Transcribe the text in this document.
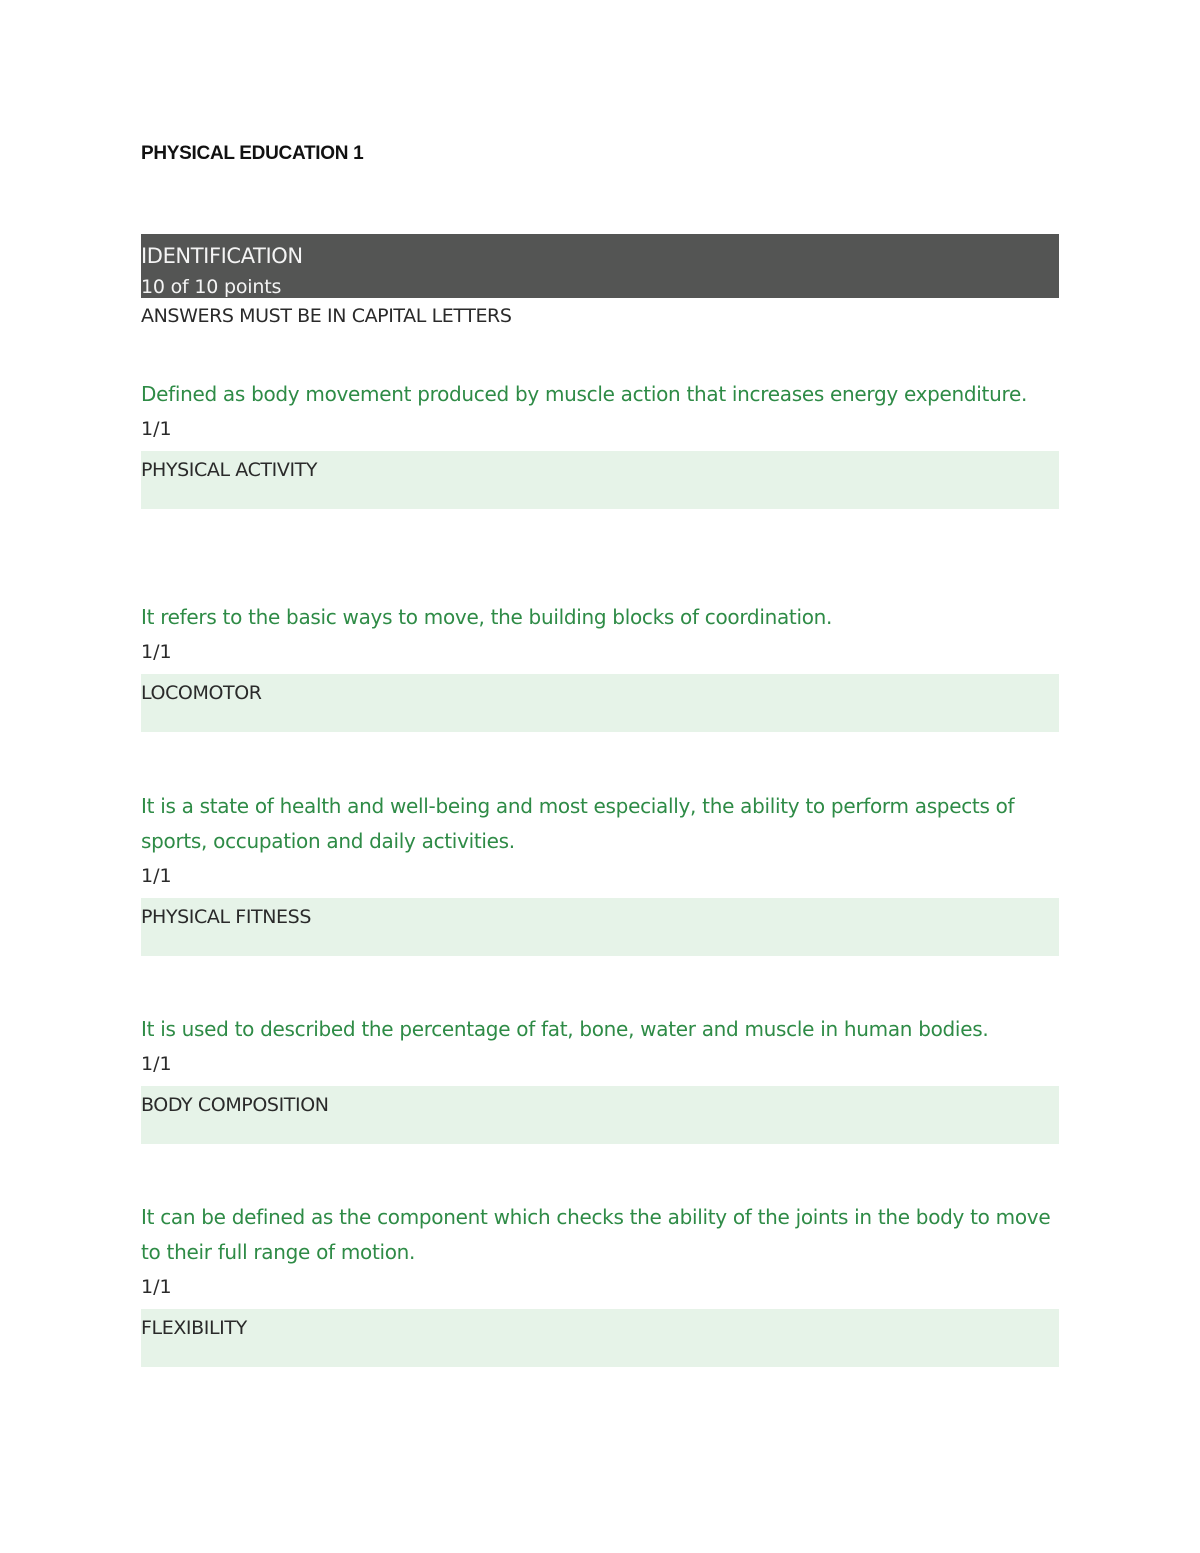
PHYSICAL EDUCATION 1
IDENTIFICATION
10 of 10 points
ANSWERS MUST BE IN CAPITAL LETTERS

Defined as body movement produced by muscle action that increases energy expenditure.

1/1
PHYSICAL ACTIVITY

It refers to the basic ways to move, the building blocks of coordination.

1/1
LOCOMOTOR

It is a state of health and well-being and most especially, the ability to perform aspects of sports, occupation and daily activities.

1/1
PHYSICAL FITNESS

It is used to described the percentage of fat, bone, water and muscle in human bodies.

1/1
BODY COMPOSITION

It can be defined as the component which checks the ability of the joints in the body to move to their full range of motion.

1/1
FLEXIBILITY
